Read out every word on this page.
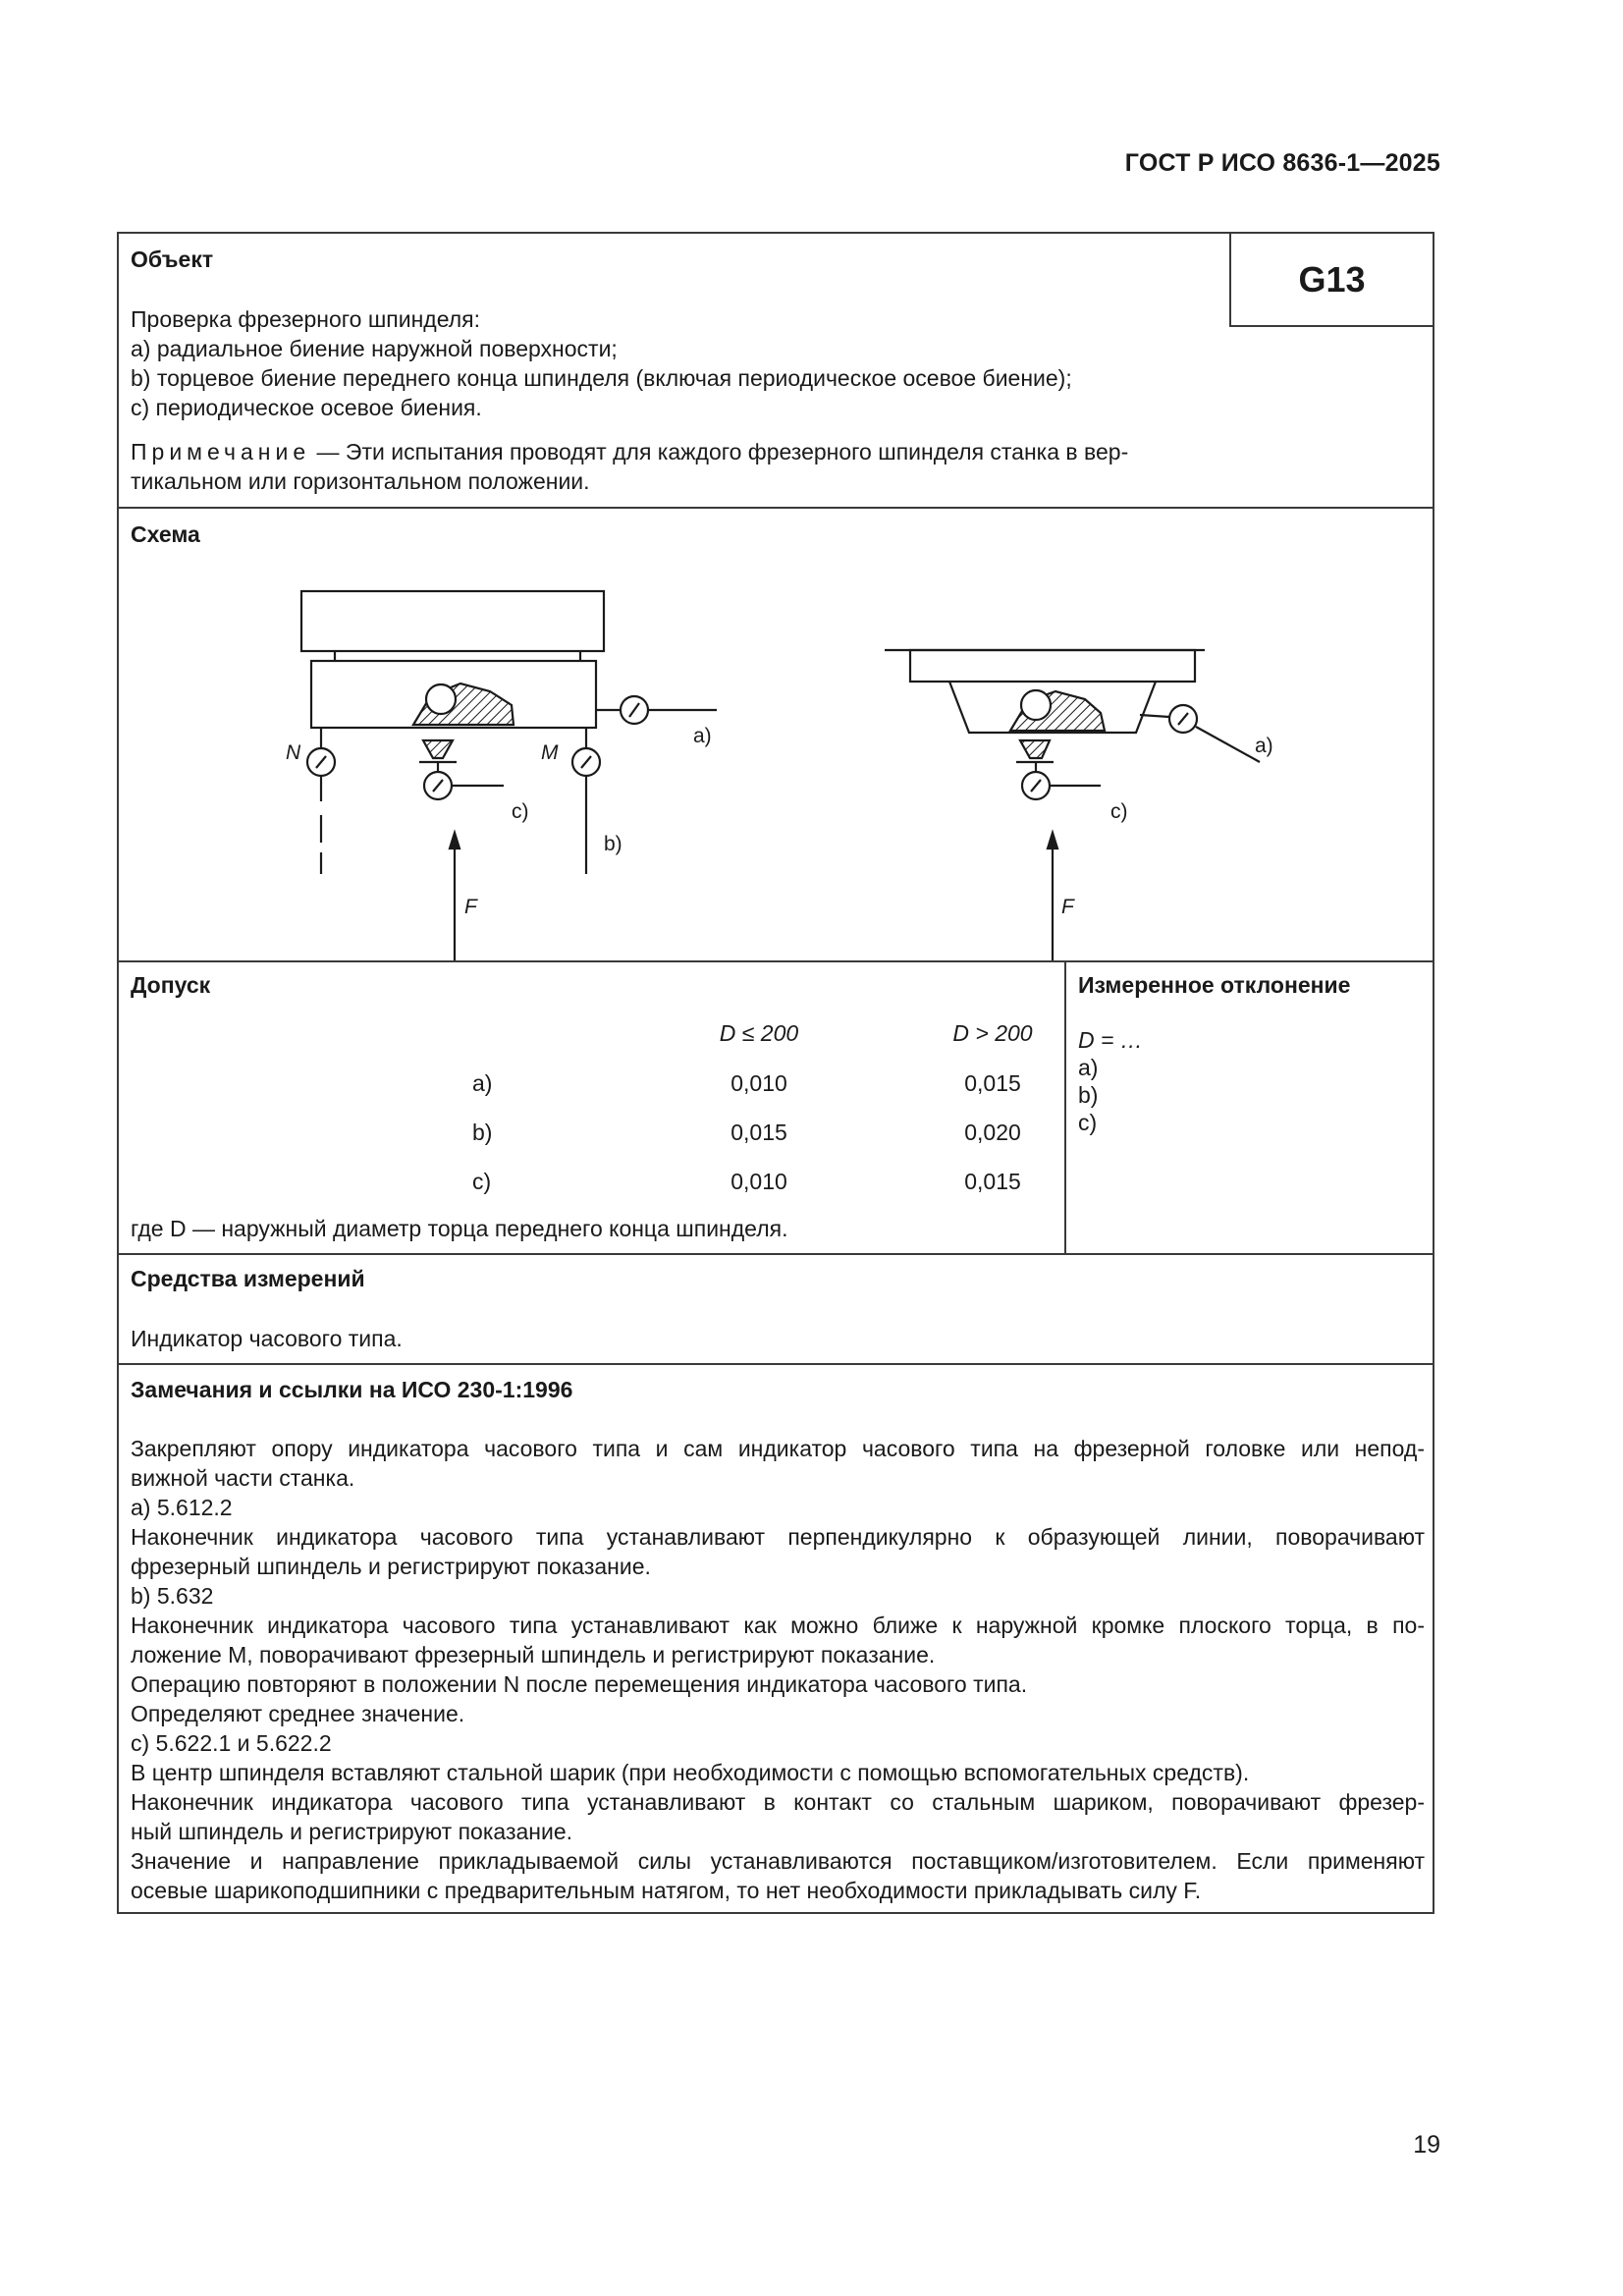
ГОСТ Р ИСО 8636-1—2025
G13
Объект
Проверка фрезерного шпинделя:
a) радиальное биение наружной поверхности;
b) торцевое биение переднего конца шпинделя (включая периодическое осевое биение);
c) периодическое осевое биения.
Примечание — Эти испытания проводят для каждого фрезерного шпинделя станка в вер-
тикальном или горизонтальном положении.
Схема
N	M
a)
c)
b)
F
a)
c)
F
Допуск
D ≤ 200	D > 200
a)	0,010	0,015
b)	0,015	0,020
c)	0,010	0,015
где D — наружный диаметр торца переднего конца шпинделя.
Измеренное отклонение
D = …
a)
b)
c)
Средства измерений
Индикатор часового типа.
Замечания и ссылки на ИСО 230-1:1996
Закрепляют опору индикатора часового типа и сам индикатор часового типа на фрезерной головке или непод-
вижной части станка.
a) 5.612.2
Наконечник индикатора часового типа устанавливают перпендикулярно к образующей линии, поворачивают
фрезерный шпиндель и регистрируют показание.
b) 5.632
Наконечник индикатора часового типа устанавливают как можно ближе к наружной кромке плоского торца, в по-
ложение M, поворачивают фрезерный шпиндель и регистрируют показание.
Операцию повторяют в положении N после перемещения индикатора часового типа.
Определяют среднее значение.
c) 5.622.1 и 5.622.2
В центр шпинделя вставляют стальной шарик (при необходимости с помощью вспомогательных средств).
Наконечник индикатора часового типа устанавливают в контакт со стальным шариком, поворачивают фрезер-
ный шпиндель и регистрируют показание.
Значение и направление прикладываемой силы устанавливаются поставщиком/изготовителем. Если применяют
осевые шарикоподшипники с предварительным натягом, то нет необходимости прикладывать силу F.
19
